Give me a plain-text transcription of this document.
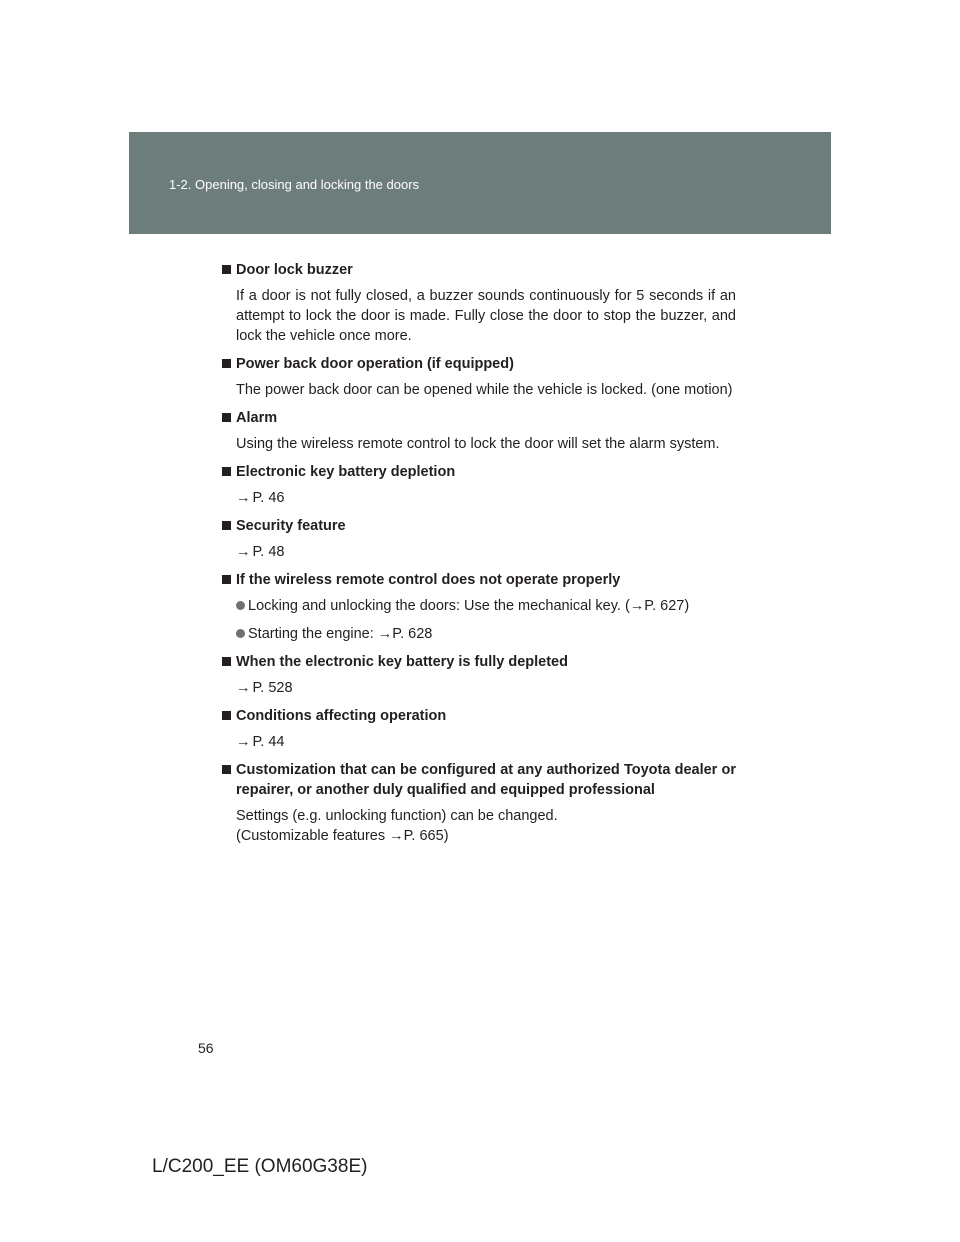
1-2. Opening, closing and locking the doors
Door lock buzzer
If a door is not fully closed, a buzzer sounds continuously for 5 seconds if an attempt to lock the door is made. Fully close the door to stop the buzzer, and lock the vehicle once more.
Power back door operation (if equipped)
The power back door can be opened while the vehicle is locked. (one motion)
Alarm
Using the wireless remote control to lock the door will set the alarm system.
Electronic key battery depletion
→ P. 46
Security feature
→ P. 48
If the wireless remote control does not operate properly
Locking and unlocking the doors: Use the mechanical key. (→P. 627)
Starting the engine: →P. 628
When the electronic key battery is fully depleted
→ P. 528
Conditions affecting operation
→ P. 44
Customization that can be configured at any authorized Toyota dealer or repairer, or another duly qualified and equipped professional
Settings (e.g. unlocking function) can be changed.
(Customizable features →P. 665)
56
L/C200_EE (OM60G38E)
